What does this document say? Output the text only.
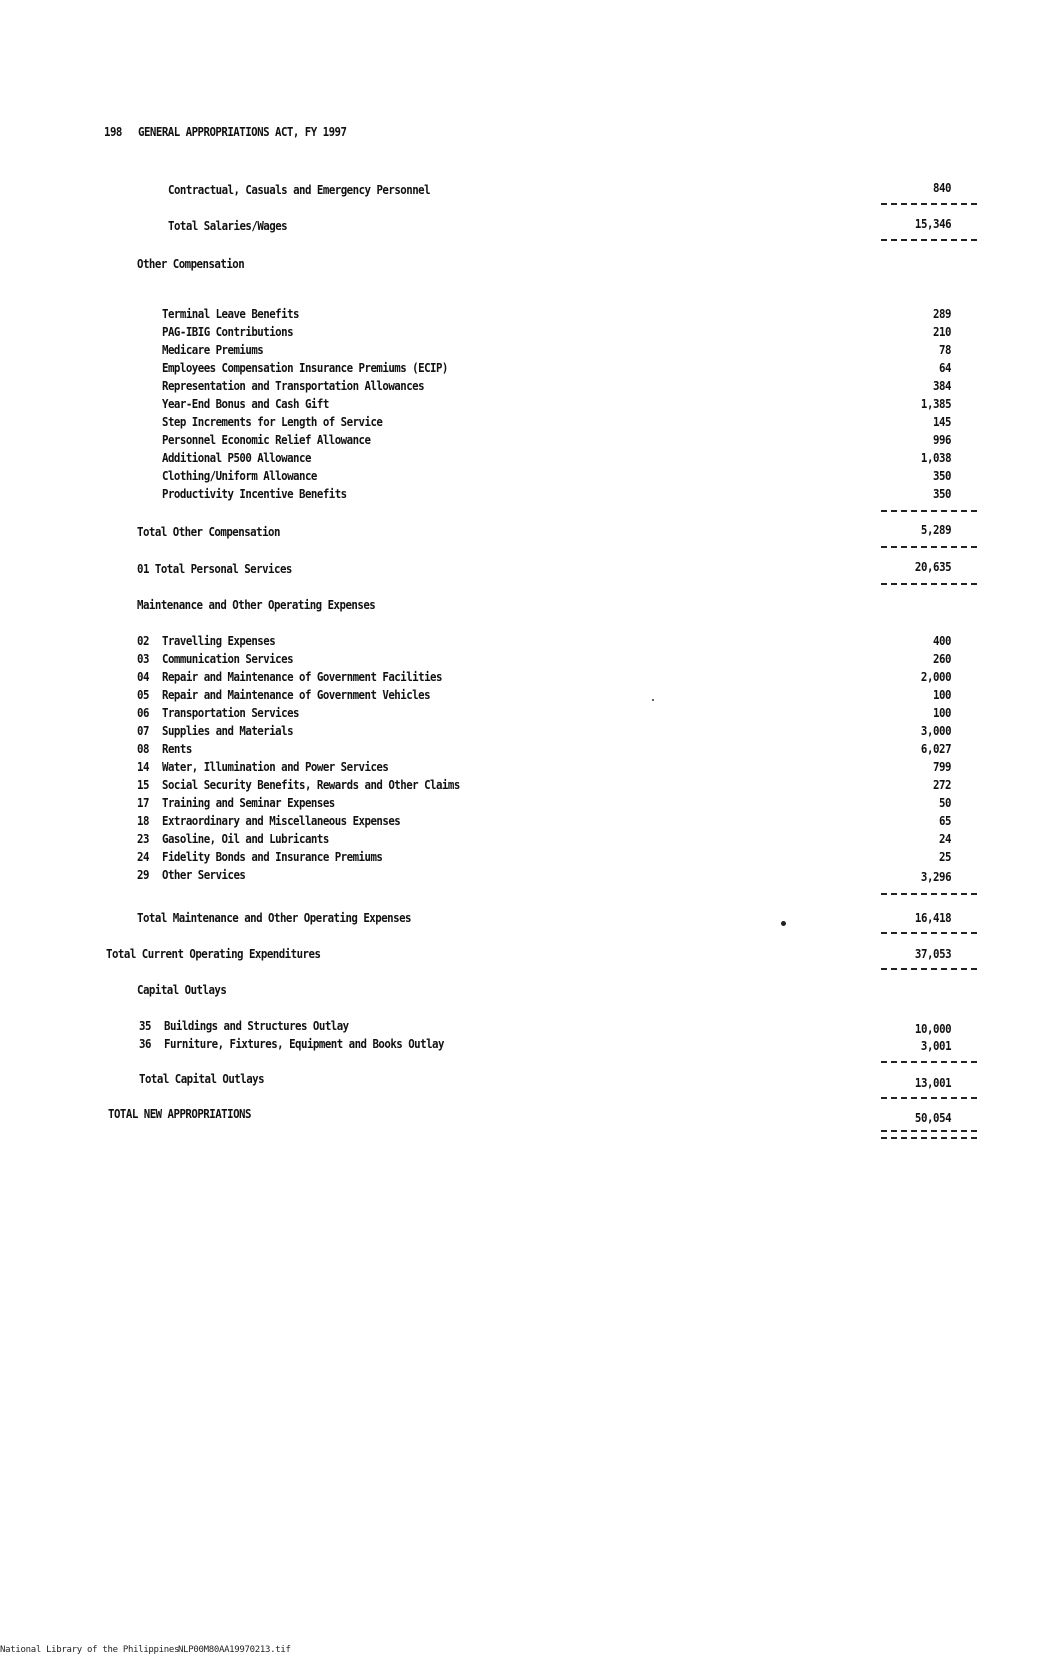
198 GENERAL APPROPRIATIONS ACT, FY 1997
Contractual, Casuals and Emergency Personnel	840
Total Salaries/Wages	15,346
Other Compensation
Terminal Leave Benefits	289
PAG-IBIG Contributions	210
Medicare Premiums	78
Employees Compensation Insurance Premiums (ECIP)	64
Representation and Transportation Allowances	384
Year-End Bonus and Cash Gift	1,385
Step Increments for Length of Service	145
Personnel Economic Relief Allowance	996
Additional P500 Allowance	1,038
Clothing/Uniform Allowance	350
Productivity Incentive Benefits	350
Total Other Compensation	5,289
01 Total Personal Services	20,635
Maintenance and Other Operating Expenses
02 Travelling Expenses	400
03 Communication Services	260
04 Repair and Maintenance of Government Facilities	2,000
05 Repair and Maintenance of Government Vehicles	100
06 Transportation Services	100
07 Supplies and Materials	3,000
08 Rents	6,027
14 Water, Illumination and Power Services	799
15 Social Security Benefits, Rewards and Other Claims	272
17 Training and Seminar Expenses	50
18 Extraordinary and Miscellaneous Expenses	65
23 Gasoline, Oil and Lubricants	24
24 Fidelity Bonds and Insurance Premiums	25
29 Other Services	3,296
Total Maintenance and Other Operating Expenses	16,418
Total Current Operating Expenditures	37,053
Capital Outlays
35 Buildings and Structures Outlay	10,000
36 Furniture, Fixtures, Equipment and Books Outlay	3,001
Total Capital Outlays	13,001
TOTAL NEW APPROPRIATIONS	50,054
National Library of the Philippines
NLP00M80AA19970213.tif
